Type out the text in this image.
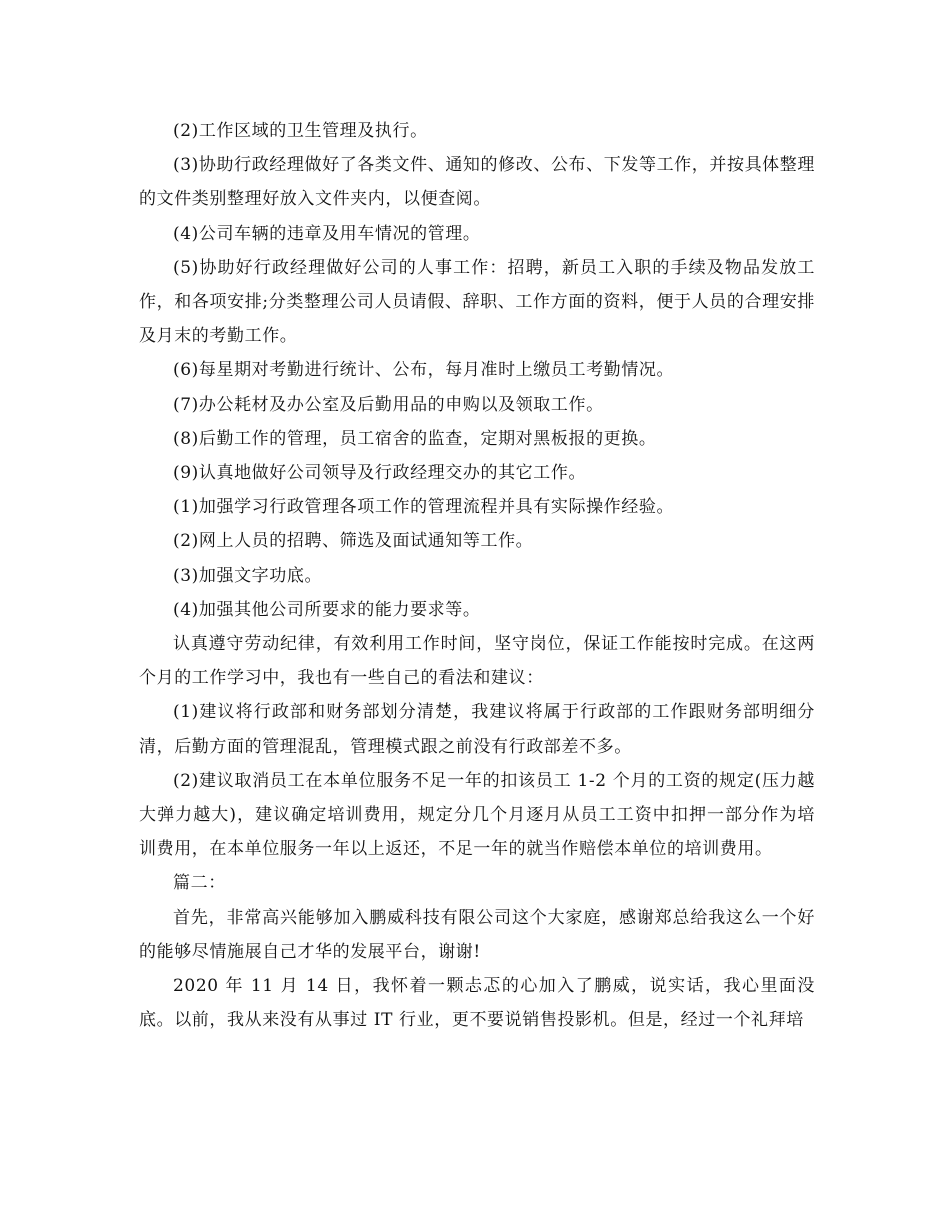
(2)工作区域的卫生管理及执行。

(3)协助行政经理做好了各类文件、通知的修改、公布、下发等工作，并按具体整理的文件类别整理好放入文件夹内，以便查阅。

(4)公司车辆的违章及用车情况的管理。

(5)协助好行政经理做好公司的人事工作：招聘，新员工入职的手续及物品发放工作，和各项安排;分类整理公司人员请假、辞职、工作方面的资料，便于人员的合理安排及月末的考勤工作。

(6)每星期对考勤进行统计、公布，每月准时上缴员工考勤情况。

(7)办公耗材及办公室及后勤用品的申购以及领取工作。

(8)后勤工作的管理，员工宿舍的监查，定期对黑板报的更换。

(9)认真地做好公司领导及行政经理交办的其它工作。

(1)加强学习行政管理各项工作的管理流程并具有实际操作经验。

(2)网上人员的招聘、筛选及面试通知等工作。

(3)加强文字功底。

(4)加强其他公司所要求的能力要求等。

认真遵守劳动纪律，有效利用工作时间，坚守岗位，保证工作能按时完成。在这两个月的工作学习中，我也有一些自己的看法和建议：

(1)建议将行政部和财务部划分清楚，我建议将属于行政部的工作跟财务部明细分清，后勤方面的管理混乱，管理模式跟之前没有行政部差不多。

(2)建议取消员工在本单位服务不足一年的扣该员工 1-2 个月的工资的规定(压力越大弹力越大)，建议确定培训费用，规定分几个月逐月从员工工资中扣押一部分作为培训费用，在本单位服务一年以上返还，不足一年的就当作赔偿本单位的培训费用。

篇二：

首先，非常高兴能够加入鹏威科技有限公司这个大家庭，感谢郑总给我这么一个好的能够尽情施展自己才华的发展平台，谢谢!

2020 年 11 月 14 日，我怀着一颗忐忑的心加入了鹏威，说实话，我心里面没底。以前，我从来没有从事过 IT 行业，更不要说销售投影机。但是，经过一个礼拜培
